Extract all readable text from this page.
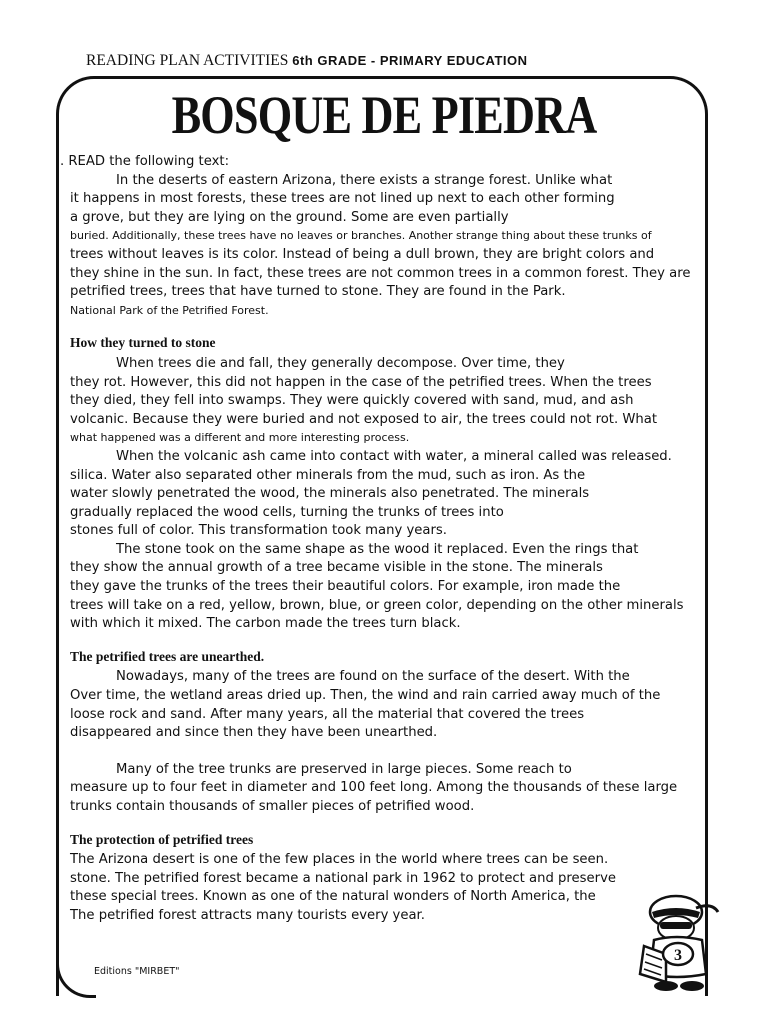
READING PLAN ACTIVITIES 6th GRADE - PRIMARY EDUCATION
BOSQUE DE PIEDRA
. READ the following text:
In the deserts of eastern Arizona, there exists a strange forest. Unlike what
it happens in most forests, these trees are not lined up next to each other forming
a grove, but they are lying on the ground. Some are even partially
buried. Additionally, these trees have no leaves or branches. Another strange thing about these trunks of
trees without leaves is its color. Instead of being a dull brown, they are bright colors and
they shine in the sun. In fact, these trees are not common trees in a common forest. They are
petrified trees, trees that have turned to stone. They are found in the Park.
National Park of the Petrified Forest.
How they turned to stone
When trees die and fall, they generally decompose. Over time, they
they rot. However, this did not happen in the case of the petrified trees. When the trees
they died, they fell into swamps. They were quickly covered with sand, mud, and ash
volcanic. Because they were buried and not exposed to air, the trees could not rot. What
what happened was a different and more interesting process.
When the volcanic ash came into contact with water, a mineral called was released.
silica. Water also separated other minerals from the mud, such as iron. As the
water slowly penetrated the wood, the minerals also penetrated. The minerals
gradually replaced the wood cells, turning the trunks of trees into
stones full of color. This transformation took many years.
The stone took on the same shape as the wood it replaced. Even the rings that
they show the annual growth of a tree became visible in the stone. The minerals
they gave the trunks of the trees their beautiful colors. For example, iron made the
trees will take on a red, yellow, brown, blue, or green color, depending on the other minerals
with which it mixed. The carbon made the trees turn black.
The petrified trees are unearthed.
Nowadays, many of the trees are found on the surface of the desert. With the
Over time, the wetland areas dried up. Then, the wind and rain carried away much of the
loose rock and sand. After many years, all the material that covered the trees
disappeared and since then they have been unearthed.
Many of the tree trunks are preserved in large pieces. Some reach to
measure up to four feet in diameter and 100 feet long. Among the thousands of these large
trunks contain thousands of smaller pieces of petrified wood.
The protection of petrified trees
The Arizona desert is one of the few places in the world where trees can be seen.
stone. The petrified forest became a national park in 1962 to protect and preserve
these special trees. Known as one of the natural wonders of North America, the
The petrified forest attracts many tourists every year.
Editions "MIRBET"
3
